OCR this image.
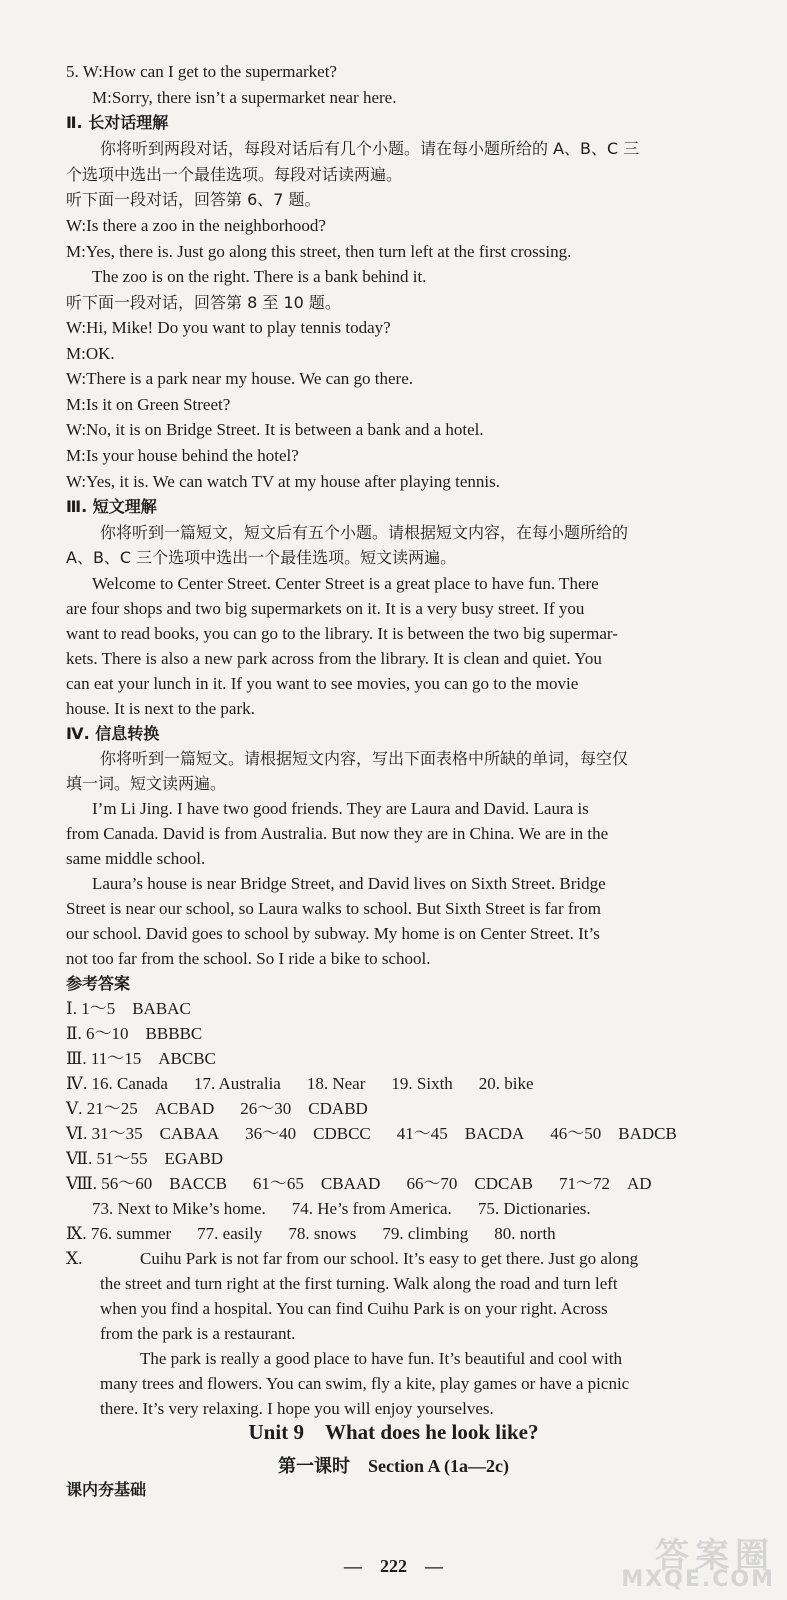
5. W:How can I get to the supermarket?
M:Sorry, there isn’t a supermarket near here.
Ⅱ. 长对话理解
你将听到两段对话，每段对话后有几个小题。请在每小题所给的 A、B、C 三
个选项中选出一个最佳选项。每段对话读两遍。
听下面一段对话，回答第 6、7 题。
W:Is there a zoo in the neighborhood?
M:Yes, there is. Just go along this street, then turn left at the first crossing.
The zoo is on the right. There is a bank behind it.
听下面一段对话，回答第 8 至 10 题。
W:Hi, Mike! Do you want to play tennis today?
M:OK.
W:There is a park near my house. We can go there.
M:Is it on Green Street?
W:No, it is on Bridge Street. It is between a bank and a hotel.
M:Is your house behind the hotel?
W:Yes, it is. We can watch TV at my house after playing tennis.
Ⅲ. 短文理解
你将听到一篇短文，短文后有五个小题。请根据短文内容，在每小题所给的
A、B、C 三个选项中选出一个最佳选项。短文读两遍。
Welcome to Center Street. Center Street is a great place to have fun. There
are four shops and two big supermarkets on it. It is a very busy street. If you
want to read books, you can go to the library. It is between the two big supermar-
kets. There is also a new park across from the library. It is clean and quiet. You
can eat your lunch in it. If you want to see movies, you can go to the movie
house. It is next to the park.
Ⅳ. 信息转换
你将听到一篇短文。请根据短文内容，写出下面表格中所缺的单词，每空仅
填一词。短文读两遍。
I’m Li Jing. I have two good friends. They are Laura and David. Laura is
from Canada. David is from Australia. But now they are in China. We are in the
same middle school.
Laura’s house is near Bridge Street, and David lives on Sixth Street. Bridge
Street is near our school, so Laura walks to school. But Sixth Street is far from
our school. David goes to school by subway. My home is on Center Street. It’s
not too far from the school. So I ride a bike to school.
参考答案
Ⅰ. 1～5　BABAC
Ⅱ. 6～10　BBBBC
Ⅲ. 11～15　ABCBC
Ⅳ. 16. Canada 17. Australia 18. Near 19. Sixth 20. bike
Ⅴ. 21～25　ACBAD 26～30　CDABD
Ⅵ. 31～35　CABAA 36～40　CDBCC 41～45　BACDA 46～50　BADCB
Ⅶ. 51～55　EGABD
Ⅷ. 56～60　BACCB 61～65　CBAAD 66～70　CDCAB 71～72　AD
73. Next to Mike’s home. 74. He’s from America. 75. Dictionaries.
Ⅸ. 76. summer 77. easily 78. snows 79. climbing 80. north
Ⅹ.	Cuihu Park is not far from our school. It’s easy to get there. Just go along
the street and turn right at the first turning. Walk along the road and turn left
when you find a hospital. You can find Cuihu Park is on your right. Across
from the park is a restaurant.
The park is really a good place to have fun. It’s beautiful and cool with
many trees and flowers. You can swim, fly a kite, play games or have a picnic
there. It’s very relaxing. I hope you will enjoy yourselves.
Unit 9　What does he look like?
第一课时　Section A (1a—2c)
课内夯基础
—　222　—	答案圈
MXQE.COM
